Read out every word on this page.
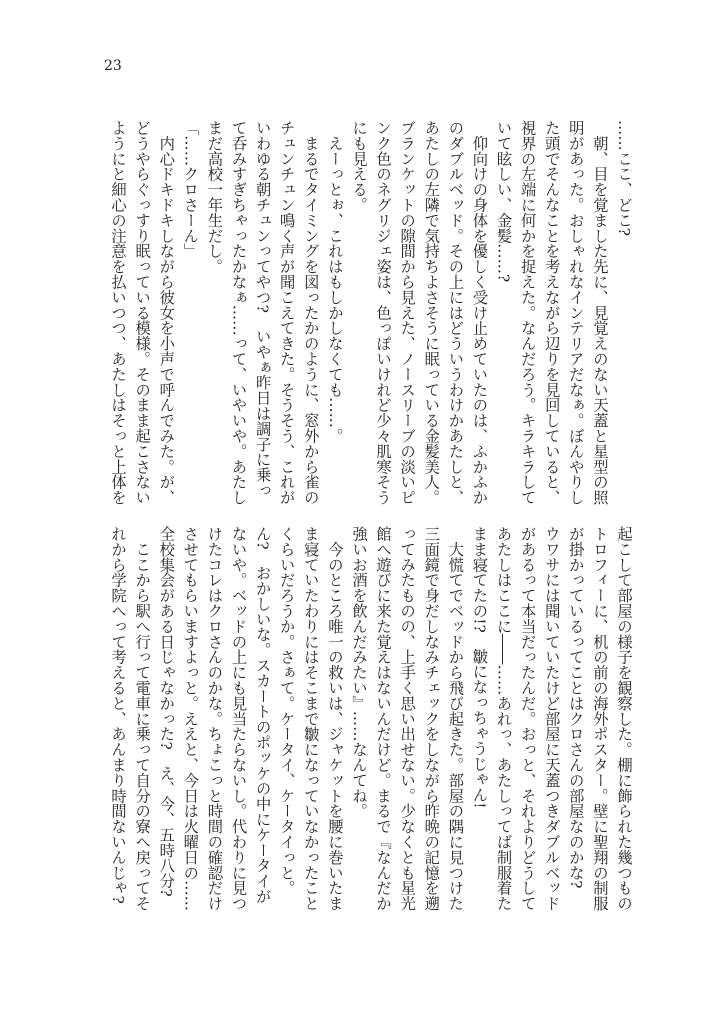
23
……ここ、どこ?
　朝、目を覚ました先に、見覚えのない天蓋と星型の照
明があった。おしゃれなインテリアだなぁ。ぼんやりし
た頭でそんなことを考えながら辺りを見回していると、
視界の左端に何かを捉えた。なんだろう。キラキラして
いて眩しい、金髪……?
　仰向けの身体を優しく受け止めていたのは、ふかふか
のダブルベッド。その上にはどういうわけかあたしと、
あたしの左隣で気持ちよさそうに眠っている金髪美人。
ブランケットの隙間から見えた、ノースリーブの淡いピ
ンク色のネグリジェ姿は、色っぽいけれど少々肌寒そう
にも見える。
　えーっとぉ、これはもしかしなくても……。
　まるでタイミングを図ったかのように、窓外から雀の
チュンチュン鳴く声が聞こえてきた。そうそう、これが
いわゆる朝チュンってやつ?　いやぁ昨日は調子に乗っ
て呑みすぎちゃったかなぁ……って、いやいや。あたし
まだ高校一年生だし。
「……クロさーん」
　内心ドキドキしながら彼女を小声で呼んでみた。が、
どうやらぐっすり眠っている模様。そのまま起こさない
ようにと細心の注意を払いつつ、あたしはそっと上体を
起こして部屋の様子を観察した。棚に飾られた幾つもの
トロフィーに、机の前の海外ポスター。壁に聖翔の制服
が掛かっているってことはクロさんの部屋なのかな?
ウワサには聞いていたけど部屋に天蓋つきダブルベッド
があるって本当だったんだ。おっと、それよりどうして
あたしはここに――……あれっ、あたしってば制服着た
まま寝てたの!?　皺になっちゃうじゃん!
　大慌てでベッドから飛び起きた。部屋の隅に見つけた
三面鏡で身だしなみチェックをしながら昨晩の記憶を遡
ってみたものの、上手く思い出せない。少なくとも星光
館へ遊びに来た覚えはないんだけど。まるで『なんだか
強いお酒を飲んだみたい』……なんてね。
　今のところ唯一の救いは、ジャケットを腰に巻いたま
ま寝ていたわりにはそこまで皺になっていなかったこと
くらいだろうか。さぁて。ケータイ、ケータイっと。
ん?　おかしいな。スカートのポッケの中にケータイが
ないや。ベッドの上にも見当たらないし。代わりに見つ
けたコレはクロさんのかな。ちょこっと時間の確認だけ
させてもらいますよっと。ええと、今日は火曜日の……
全校集会がある日じゃなかった?　え、今、五時八分?
　ここから駅へ行って電車に乗って自分の寮へ戻ってそ
れから学院へって考えると、あんまり時間ないんじゃ?
